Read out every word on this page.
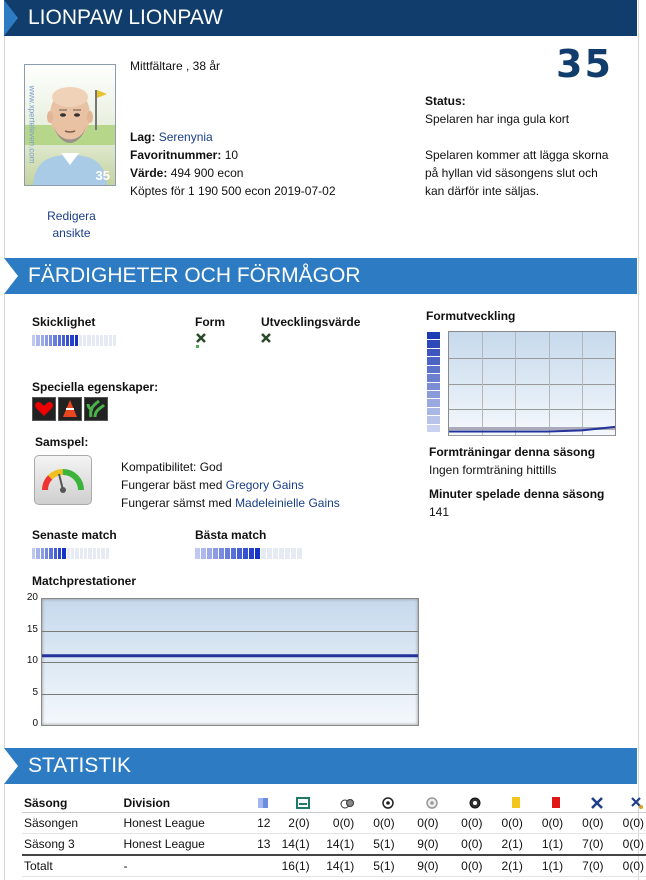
LIONPAW LIONPAW
www.xperteleven.com
35
Redigera
ansikte
Mittfältare , 38 år	35
Lag: Serenynia
Favoritnummer: 10
Värde: 494 900 econ
Köptes för 1 190 500 econ 2019-07-02
Status:
Spelaren har inga gula kort
Spelaren kommer att lägga skorna
på hyllan vid säsongens slut och
kan därför inte säljas.
FÄRDIGHETER OCH FÖRMÅGOR
Skicklighet	Form	Utvecklingsvärde
Speciella egenskaper:
Samspel:
Kompatibilitet: God
Fungerar bäst med Gregory Gains
Fungerar sämst med Madeleinielle Gains
Senaste match	Bästa match
Matchprestationer
0
5
10
15
20
Formutveckling
Formträningar denna säsong
Ingen formträning hittills
Minuter spelade denna säsong
141
STATISTIK
Säsong	Division										
Säsongen	Honest League	12	2(0)	0(0)	0(0)	0(0)	0(0)	0(0)	0(0)	0(0)	0(0)
Säsong 3	Honest League	13	14(1)	14(1)	5(1)	9(0)	0(0)	2(1)	1(1)	7(0)	0(0)
Totalt	-		16(1)	14(1)	5(1)	9(0)	0(0)	2(1)	1(1)	7(0)	0(0)
